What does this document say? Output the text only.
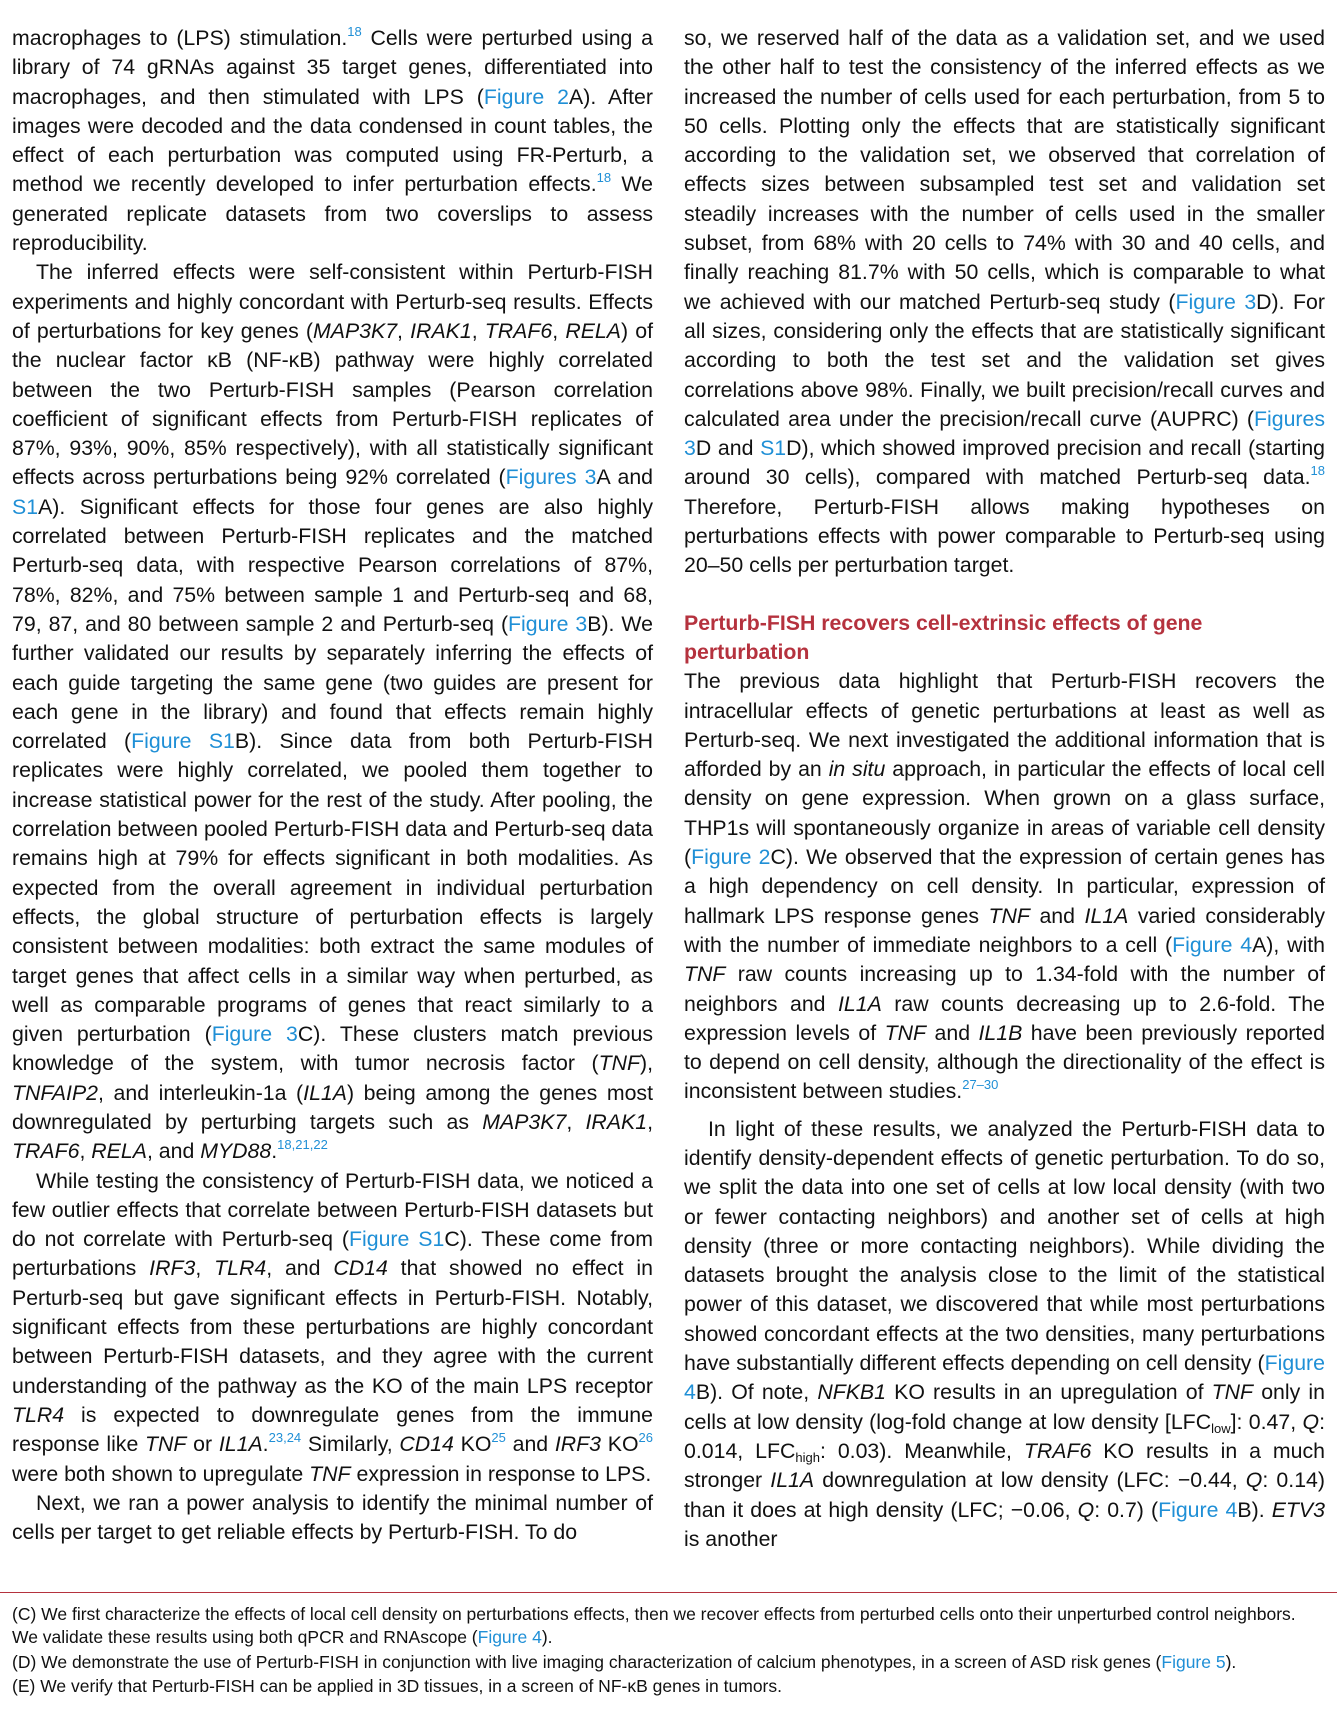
macrophages to (LPS) stimulation.$^{18}$ Cells were perturbed using a library of 74 gRNAs against 35 target genes, differentiated into macrophages, and then stimulated with LPS (Figure 2A). After images were decoded and the data condensed in count tables, the effect of each perturbation was computed using FR-Perturb, a method we recently developed to infer perturbation effects.$^{18}$ We generated replicate datasets from two coverslips to assess reproducibility.

The inferred effects were self-consistent within Perturb-FISH experiments and highly concordant with Perturb-seq results. Effects of perturbations for key genes (MAP3K7, IRAK1, TRAF6, RELA) of the nuclear factor κB (NF-κB) pathway were highly correlated between the two Perturb-FISH samples (Pearson correlation coefficient of significant effects from Perturb-FISH replicates of 87%, 93%, 90%, 85% respectively), with all statistically significant effects across perturbations being 92% correlated (Figures 3A and S1A). Significant effects for those four genes are also highly correlated between Perturb-FISH replicates and the matched Perturb-seq data, with respective Pearson correlations of 87%, 78%, 82%, and 75% between sample 1 and Perturb-seq and 68, 79, 87, and 80 between sample 2 and Perturb-seq (Figure 3B). We further validated our results by separately inferring the effects of each guide targeting the same gene (two guides are present for each gene in the library) and found that effects remain highly correlated (Figure S1B). Since data from both Perturb-FISH replicates were highly correlated, we pooled them together to increase statistical power for the rest of the study. After pooling, the correlation between pooled Perturb-FISH data and Perturb-seq data remains high at 79% for effects significant in both modalities. As expected from the overall agreement in individual perturbation effects, the global structure of perturbation effects is largely consistent between modalities: both extract the same modules of target genes that affect cells in a similar way when perturbed, as well as comparable programs of genes that react similarly to a given perturbation (Figure 3C). These clusters match previous knowledge of the system, with tumor necrosis factor (TNF), TNFAIP2, and interleukin-1a (IL1A) being among the genes most downregulated by perturbing targets such as MAP3K7, IRAK1, TRAF6, RELA, and MYD88.$^{18,21,22}$

While testing the consistency of Perturb-FISH data, we noticed a few outlier effects that correlate between Perturb-FISH datasets but do not correlate with Perturb-seq (Figure S1C). These come from perturbations IRF3, TLR4, and CD14 that showed no effect in Perturb-seq but gave significant effects in Perturb-FISH. Notably, significant effects from these perturbations are highly concordant between Perturb-FISH datasets, and they agree with the current understanding of the pathway as the KO of the main LPS receptor TLR4 is expected to downregulate genes from the immune response like TNF or IL1A.$^{23,24}$ Similarly, CD14 KO$^{25}$ and IRF3 KO$^{26}$ were both shown to upregulate TNF expression in response to LPS.

Next, we ran a power analysis to identify the minimal number of cells per target to get reliable effects by Perturb-FISH. To do

so, we reserved half of the data as a validation set, and we used the other half to test the consistency of the inferred effects as we increased the number of cells used for each perturbation, from 5 to 50 cells. Plotting only the effects that are statistically significant according to the validation set, we observed that correlation of effects sizes between subsampled test set and validation set steadily increases with the number of cells used in the smaller subset, from 68% with 20 cells to 74% with 30 and 40 cells, and finally reaching 81.7% with 50 cells, which is comparable to what we achieved with our matched Perturb-seq study (Figure 3D). For all sizes, considering only the effects that are statistically significant according to both the test set and the validation set gives correlations above 98%. Finally, we built precision/recall curves and calculated area under the precision/recall curve (AUPRC) (Figures 3D and S1D), which showed improved precision and recall (starting around 30 cells), compared with matched Perturb-seq data.$^{18}$ Therefore, Perturb-FISH allows making hypotheses on perturbations effects with power comparable to Perturb-seq using 20–50 cells per perturbation target.

Perturb-FISH recovers cell-extrinsic effects of gene perturbation

The previous data highlight that Perturb-FISH recovers the intracellular effects of genetic perturbations at least as well as Perturb-seq. We next investigated the additional information that is afforded by an in situ approach, in particular the effects of local cell density on gene expression. When grown on a glass surface, THP1s will spontaneously organize in areas of variable cell density (Figure 2C). We observed that the expression of certain genes has a high dependency on cell density. In particular, expression of hallmark LPS response genes TNF and IL1A varied considerably with the number of immediate neighbors to a cell (Figure 4A), with TNF raw counts increasing up to 1.34-fold with the number of neighbors and IL1A raw counts decreasing up to 2.6-fold. The expression levels of TNF and IL1B have been previously reported to depend on cell density, although the directionality of the effect is inconsistent between studies.$^{27-30}$

In light of these results, we analyzed the Perturb-FISH data to identify density-dependent effects of genetic perturbation. To do so, we split the data into one set of cells at low local density (with two or fewer contacting neighbors) and another set of cells at high density (three or more contacting neighbors). While dividing the datasets brought the analysis close to the limit of the statistical power of this dataset, we discovered that while most perturbations showed concordant effects at the two densities, many perturbations have substantially different effects depending on cell density (Figure 4B). Of note, NFKB1 KO results in an upregulation of TNF only in cells at low density (log-fold change at low density $[LFC_{low}]$: 0.47, Q: 0.014, $LFC_{high}$: 0.03). Meanwhile, TRAF6 KO results in a much stronger IL1A downregulation at low density (LFC: −0.44, Q: 0.14) than it does at high density (LFC; −0.06, Q: 0.7) (Figure 4B). ETV3 is another

(C) We first characterize the effects of local cell density on perturbations effects, then we recover effects from perturbed cells onto their unperturbed control neighbors. We validate these results using both qPCR and RNAscope (Figure 4).
(D) We demonstrate the use of Perturb-FISH in conjunction with live imaging characterization of calcium phenotypes, in a screen of ASD risk genes (Figure 5).
(E) We verify that Perturb-FISH can be applied in 3D tissues, in a screen of NF-κB genes in tumors.
